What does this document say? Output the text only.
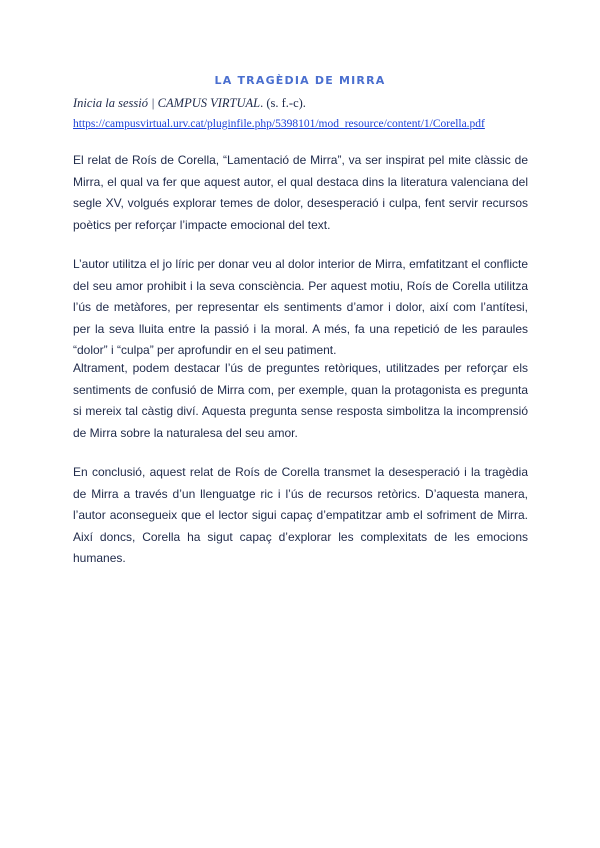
LA TRAGÈDIA DE MIRRA
Inicia la sessió | CAMPUS VIRTUAL. (s. f.-c).
https://campusvirtual.urv.cat/pluginfile.php/5398101/mod_resource/content/1/Corella.pdf

El relat de Roís de Corella, “Lamentació de Mirra”, va ser inspirat pel mite clàssic de Mirra, el qual va fer que aquest autor, el qual destaca dins la literatura valenciana del segle XV, volgués explorar temes de dolor, desesperació i culpa, fent servir recursos poètics per reforçar l’impacte emocional del text.

L’autor utilitza el jo líric per donar veu al dolor interior de Mirra, emfatitzant el conflicte del seu amor prohibit i la seva consciència. Per aquest motiu, Roís de Corella utilitza l’ús de metàfores, per representar els sentiments d’amor i dolor, així com l’antítesi, per la seva lluita entre la passió i la moral. A més, fa una repetició de les paraules “dolor” i “culpa” per aprofundir en el seu patiment.

Altrament, podem destacar l’ús de preguntes retòriques, utilitzades per reforçar els sentiments de confusió de Mirra com, per exemple, quan la protagonista es pregunta si mereix tal càstig diví. Aquesta pregunta sense resposta simbolitza la incomprensió de Mirra sobre la naturalesa del seu amor.

En conclusió, aquest relat de Roís de Corella transmet la desesperació i la tragèdia de Mirra a través d’un llenguatge ric i l’ús de recursos retòrics. D’aquesta manera, l’autor aconsegueix que el lector sigui capaç d’empatitzar amb el sofriment de Mirra. Així doncs, Corella ha sigut capaç d’explorar les complexitats de les emocions humanes.
